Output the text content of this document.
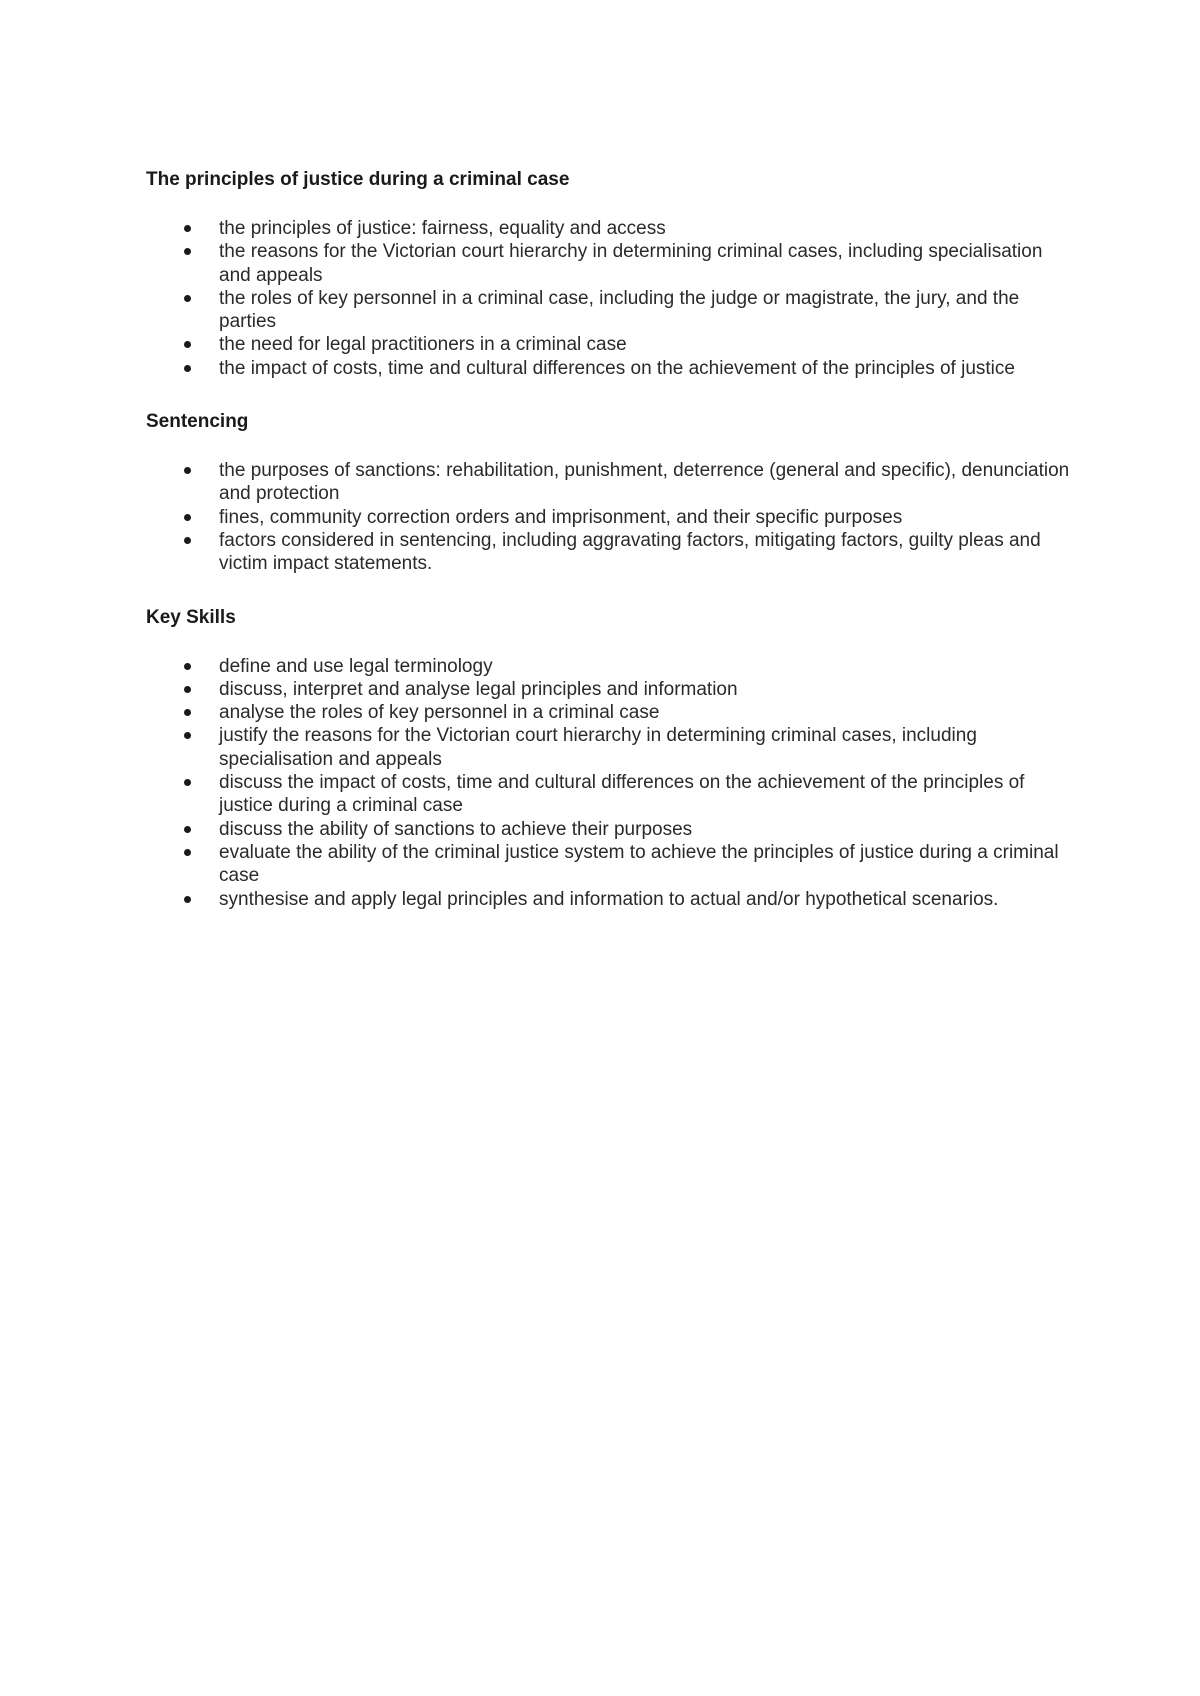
The principles of justice during a criminal case
the principles of justice: fairness, equality and access
the reasons for the Victorian court hierarchy in determining criminal cases, including specialisation and appeals
the roles of key personnel in a criminal case, including the judge or magistrate, the jury, and the parties
the need for legal practitioners in a criminal case
the impact of costs, time and cultural differences on the achievement of the principles of justice
Sentencing
the purposes of sanctions: rehabilitation, punishment, deterrence (general and specific), denunciation and protection
fines, community correction orders and imprisonment, and their specific purposes
factors considered in sentencing, including aggravating factors, mitigating factors, guilty pleas and victim impact statements.
Key Skills
define and use legal terminology
discuss, interpret and analyse legal principles and information
analyse the roles of key personnel in a criminal case
justify the reasons for the Victorian court hierarchy in determining criminal cases, including specialisation and appeals
discuss the impact of costs, time and cultural differences on the achievement of the principles of justice during a criminal case
discuss the ability of sanctions to achieve their purposes
evaluate the ability of the criminal justice system to achieve the principles of justice during a criminal case
synthesise and apply legal principles and information to actual and/or hypothetical scenarios.
